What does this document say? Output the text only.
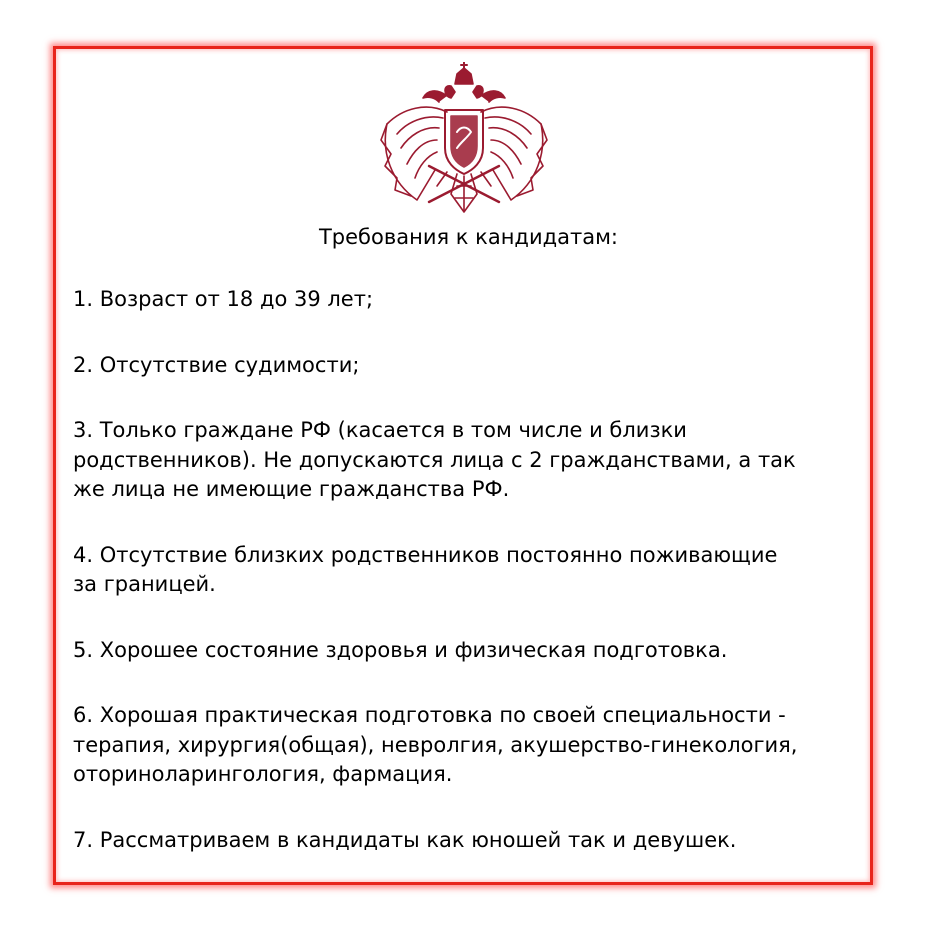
Требования к кандидатам:
1. Возраст от 18 до 39 лет;
2. Отсутствие судимости;
3. Только граждане РФ (касается в том числе и близки
родственников). Не допускаются лица с 2 гражданствами, а так
же лица не имеющие гражданства РФ.
4. Отсутствие близких родственников постоянно поживающие
за границей.
5. Хорошее состояние здоровья и физическая подготовка.
6. Хорошая практическая подготовка по своей специальности -
терапия, хирургия(общая), невролгия, акушерство-гинекология,
оториноларингология, фармация.
7. Рассматриваем в кандидаты как юношей так и девушек.
